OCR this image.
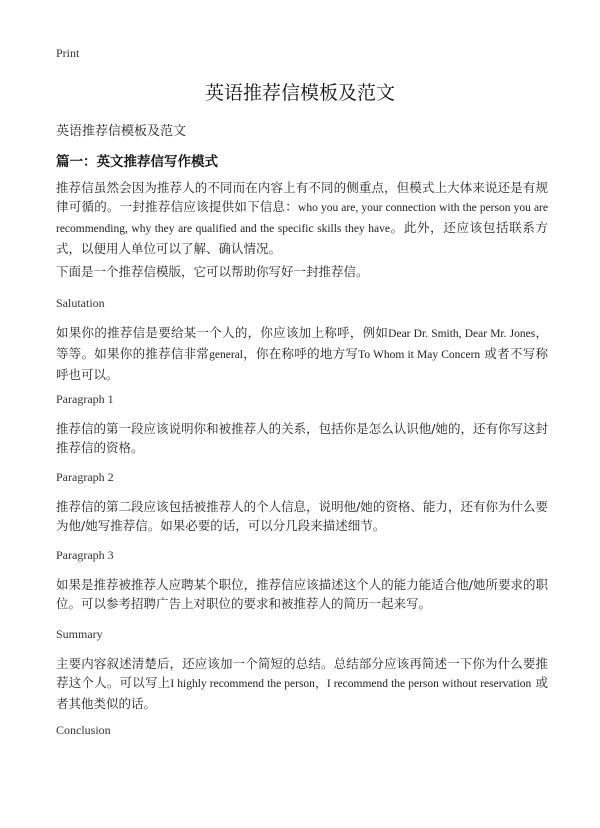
Print
英语推荐信模板及范文
英语推荐信模板及范文
篇一：英文推荐信写作模式

推荐信虽然会因为推荐人的不同而在内容上有不同的侧重点，但模式上大体来说还是有规律可循的。一封推荐信应该提供如下信息：who you are, your connection with the person you are recommending, why they are qualified and the specific skills they have。此外，还应该包括联系方式，以便用人单位可以了解、确认情况。

下面是一个推荐信模版，它可以帮助你写好一封推荐信。

Salutation

如果你的推荐信是要给某一个人的，你应该加上称呼，例如Dear Dr. Smith, Dear Mr. Jones，等等。如果你的推荐信非常general，你在称呼的地方写To Whom it May Concern 或者不写称呼也可以。

Paragraph 1

推荐信的第一段应该说明你和被推荐人的关系，包括你是怎么认识他/她的，还有你写这封推荐信的资格。

Paragraph 2

推荐信的第二段应该包括被推荐人的个人信息，说明他/她的资格、能力，还有你为什么要为他/她写推荐信。如果必要的话，可以分几段来描述细节。

Paragraph 3

如果是推荐被推荐人应聘某个职位，推荐信应该描述这个人的能力能适合他/她所要求的职位。可以参考招聘广告上对职位的要求和被推荐人的简历一起来写。

Summary

主要内容叙述清楚后，还应该加一个简短的总结。总结部分应该再简述一下你为什么要推荐这个人。可以写上I highly recommend the person，I recommend the person without reservation 或者其他类似的话。

Conclusion
